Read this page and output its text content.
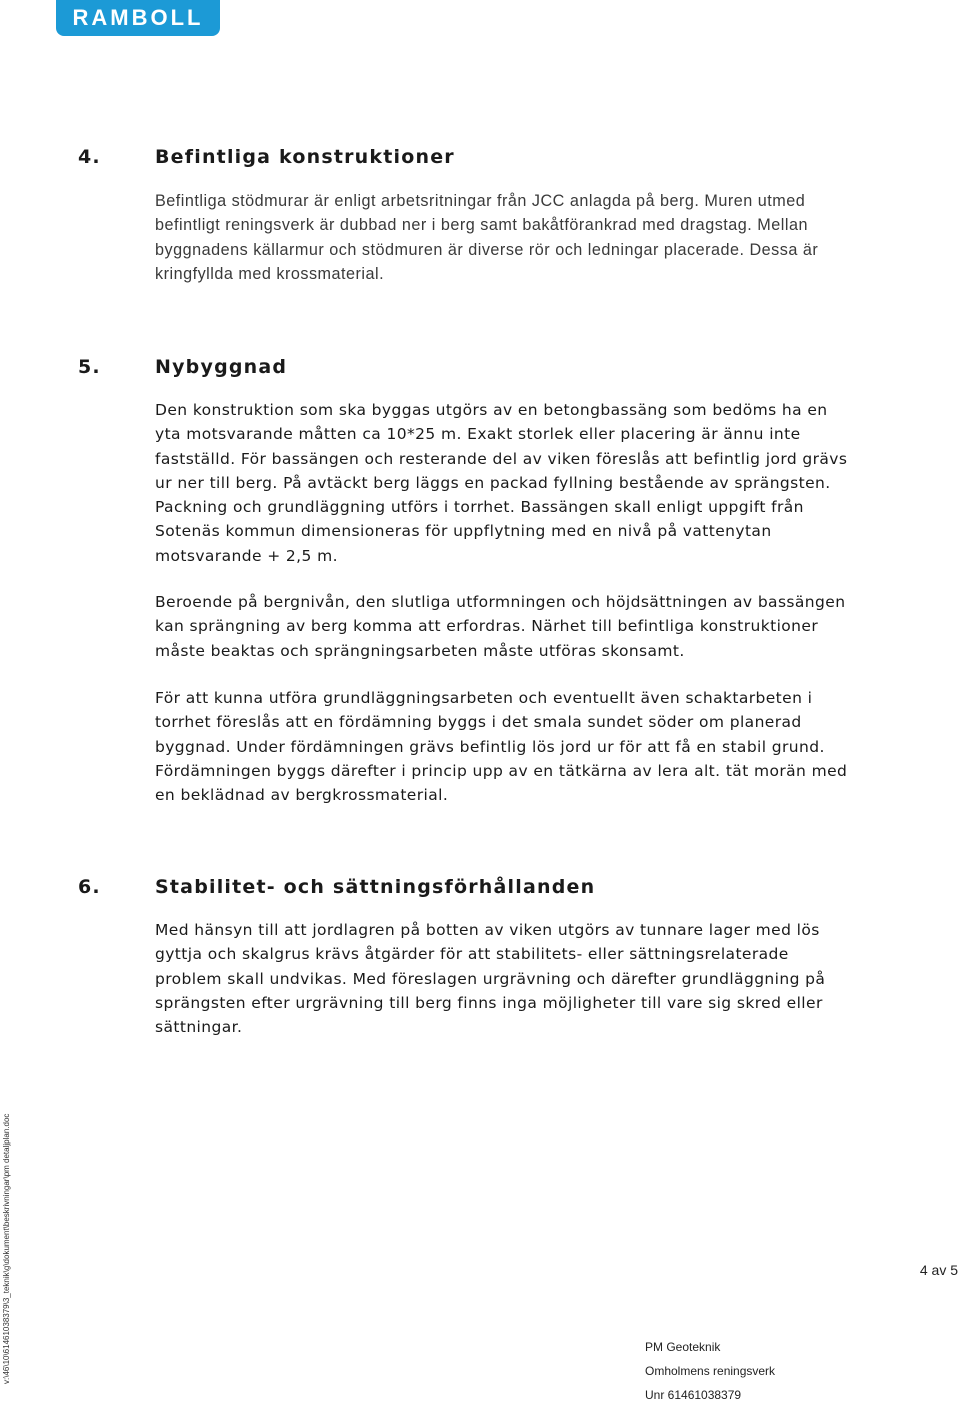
RAMBOLL
4.	Befintliga konstruktioner

Befintliga stödmurar är enligt arbetsritningar från JCC anlagda på berg. Muren utmed befintligt reningsverk är dubbad ner i berg samt bakåtförankrad med dragstag. Mellan byggnadens källarmur och stödmuren är diverse rör och ledningar placerade. Dessa är kringfyllda med krossmaterial.

5.	Nybyggnad

Den konstruktion som ska byggas utgörs av en betongbassäng som bedöms ha en yta motsvarande måtten ca 10*25 m. Exakt storlek eller placering är ännu inte fastställd. För bassängen och resterande del av viken föreslås att befintlig jord grävs ur ner till berg. På avtäckt berg läggs en packad fyllning bestående av sprängsten. Packning och grundläggning utförs i torrhet. Bassängen skall enligt uppgift från Sotenäs kommun dimensioneras för uppflytning med en nivå på vattenytan motsvarande + 2,5 m.

Beroende på bergnivån, den slutliga utformningen och höjdsättningen av bassängen kan sprängning av berg komma att erfordras. Närhet till befintliga konstruktioner måste beaktas och sprängningsarbeten måste utföras skonsamt.

För att kunna utföra grundläggningsarbeten och eventuellt även schaktarbeten i torrhet föreslås att en fördämning byggs i det smala sundet söder om planerad byggnad. Under fördämningen grävs befintlig lös jord ur för att få en stabil grund. Fördämningen byggs därefter i princip upp av en tätkärna av lera alt. tät morän med en beklädnad av bergkrossmaterial.

6.	Stabilitet- och sättningsförhållanden

Med hänsyn till att jordlagren på botten av viken utgörs av tunnare lager med lös gyttja och skalgrus krävs åtgärder för att stabilitets- eller sättningsrelaterade problem skall undvikas. Med föreslagen urgrävning och därefter grundläggning på sprängsten efter urgrävning till berg finns inga möjligheter till vare sig skred eller sättningar.

v:\46\10\61461038379\3_teknik\g\dokument\beskrivningar\pm detaljplan.doc	4 av 5
PM Geoteknik
Omholmens reningsverk
Unr 61461038379
